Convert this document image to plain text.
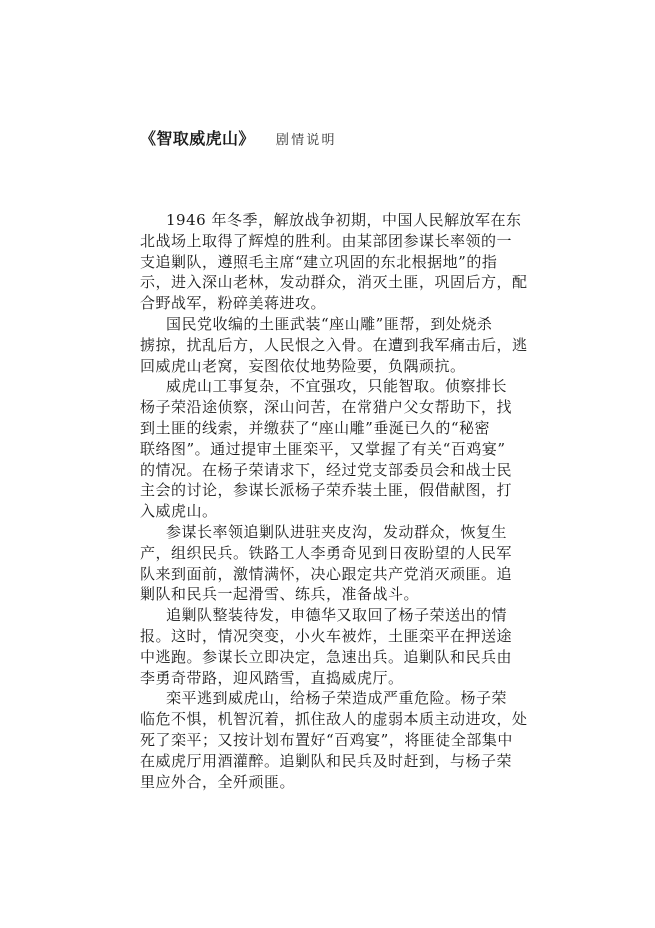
《智取威虎山》 剧情说明
1946 年冬季，解放战争初期，中国人民解放军在东
北战场上取得了辉煌的胜利。由某部团参谋长率领的一
支追剿队，遵照毛主席“建立巩固的东北根据地”的指
示，进入深山老林，发动群众，消灭土匪，巩固后方，配
合野战军，粉碎美蒋进攻。
国民党收编的土匪武装“座山雕”匪帮，到处烧杀
掳掠，扰乱后方，人民恨之入骨。在遭到我军痛击后，逃
回威虎山老窝，妄图依仗地势险要，负隅顽抗。
威虎山工事复杂，不宜强攻，只能智取。侦察排长
杨子荣沿途侦察，深山问苦，在常猎户父女帮助下，找
到土匪的线索，并缴获了“座山雕”垂涎已久的“秘密
联络图”。通过提审土匪栾平，又掌握了有关“百鸡宴”
的情况。在杨子荣请求下，经过党支部委员会和战士民
主会的讨论，参谋长派杨子荣乔装土匪，假借献图，打
入威虎山。
参谋长率领追剿队进驻夹皮沟，发动群众，恢复生
产，组织民兵。铁路工人李勇奇见到日夜盼望的人民军
队来到面前，激情满怀，决心跟定共产党消灭顽匪。追
剿队和民兵一起滑雪、练兵，准备战斗。
追剿队整装待发，申德华又取回了杨子荣送出的情
报。这时，情况突变，小火车被炸，土匪栾平在押送途
中逃跑。参谋长立即决定，急速出兵。追剿队和民兵由
李勇奇带路，迎风踏雪，直捣威虎厅。
栾平逃到威虎山，给杨子荣造成严重危险。杨子荣
临危不惧，机智沉着，抓住敌人的虚弱本质主动进攻，处
死了栾平；又按计划布置好“百鸡宴”，将匪徒全部集中
在威虎厅用酒灌醉。追剿队和民兵及时赶到，与杨子荣
里应外合，全歼顽匪。
